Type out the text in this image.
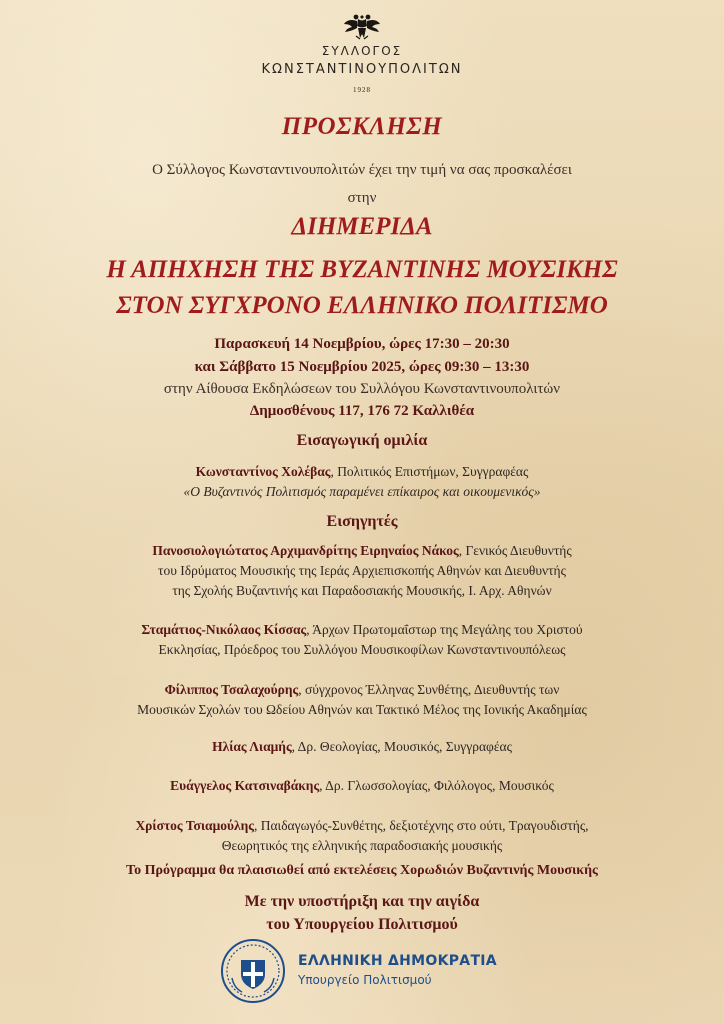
ΣΥΛΛΟΓΟΣ
ΚΩΝΣΤΑΝΤΙΝΟΥΠΟΛΙΤΩΝ
1928
ΠΡΟΣΚΛΗΣΗ
Ο Σύλλογος Κωνσταντινουπολιτών έχει την τιμή να σας προσκαλέσει
στην
ΔΙΗΜΕΡΙΔΑ
Η ΑΠΗΧΗΣΗ ΤΗΣ ΒΥΖΑΝΤΙΝΗΣ ΜΟΥΣΙΚΗΣ
ΣΤΟΝ ΣΥΓΧΡΟΝΟ ΕΛΛΗΝΙΚΟ ΠΟΛΙΤΙΣΜΟ
Παρασκευή 14 Νοεμβρίου, ώρες 17:30 – 20:30
και Σάββατο 15 Νοεμβρίου 2025, ώρες 09:30 – 13:30
στην Αίθουσα Εκδηλώσεων του Συλλόγου Κωνσταντινουπολιτών
Δημοσθένους 117, 176 72 Καλλιθέα
Εισαγωγική ομιλία
Κωνσταντίνος Χολέβας, Πολιτικός Επιστήμων, Συγγραφέας
«Ο Βυζαντινός Πολιτισμός παραμένει επίκαιρος και οικουμενικός»
Εισηγητές
Πανοσιολογιώτατος Αρχιμανδρίτης Ειρηναίος Νάκος, Γενικός Διευθυντής
του Ιδρύματος Μουσικής της Ιεράς Αρχιεπισκοπής Αθηνών και Διευθυντής
της Σχολής Βυζαντινής και Παραδοσιακής Μουσικής, Ι. Αρχ. Αθηνών
Σταμάτιος-Νικόλαος Κίσσας, Άρχων Πρωτομαΐστωρ της Μεγάλης του Χριστού
Εκκλησίας, Πρόεδρος του Συλλόγου Μουσικοφίλων Κωνσταντινουπόλεως
Φίλιππος Τσαλαχούρης, σύγχρονος Έλληνας Συνθέτης, Διευθυντής των
Μουσικών Σχολών του Ωδείου Αθηνών και Τακτικό Μέλος της Ιονικής Ακαδημίας
Ηλίας Λιαμής, Δρ. Θεολογίας, Μουσικός, Συγγραφέας
Ευάγγελος Κατσιναβάκης, Δρ. Γλωσσολογίας, Φιλόλογος, Μουσικός
Χρίστος Τσιαμούλης, Παιδαγωγός-Συνθέτης, δεξιοτέχνης στο ούτι, Τραγουδιστής,
Θεωρητικός της ελληνικής παραδοσιακής μουσικής
Το Πρόγραμμα θα πλαισιωθεί από εκτελέσεις Χορωδιών Βυζαντινής Μουσικής
Με την υποστήριξη και την αιγίδα
του Υπουργείου Πολιτισμού
ΕΛΛΗΝΙΚΗ ΔΗΜΟΚΡΑΤΙΑ
Υπουργείο Πολιτισμού
